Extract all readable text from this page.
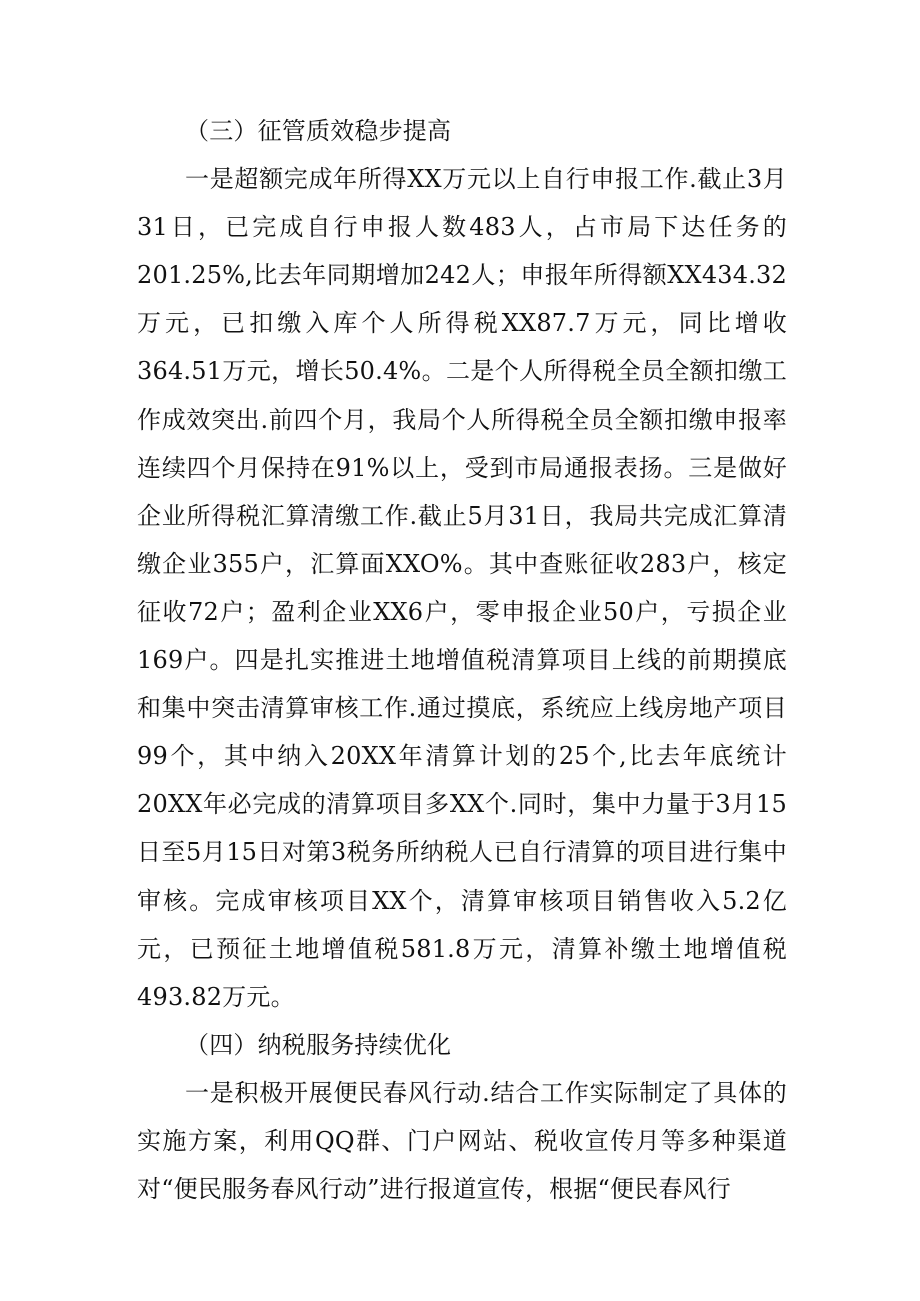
（三）征管质效稳步提高

一是超额完成年所得XX万元以上自行申报工作.截止3月31日，已完成自行申报人数483人，占市局下达任务的201.25%,比去年同期增加242人；申报年所得额XX434.32万元，已扣缴入库个人所得税XX87.7万元，同比增收364.51万元，增长50.4%。二是个人所得税全员全额扣缴工作成效突出.前四个月，我局个人所得税全员全额扣缴申报率连续四个月保持在91%以上，受到市局通报表扬。三是做好企业所得税汇算清缴工作.截止5月31日，我局共完成汇算清缴企业355户，汇算面XXO%。其中查账征收283户，核定征收72户；盈利企业XX6户，零申报企业50户，亏损企业169户。四是扎实推进土地增值税清算项目上线的前期摸底和集中突击清算审核工作.通过摸底，系统应上线房地产项目99个，其中纳入20XX年清算计划的25个,比去年底统计20XX年必完成的清算项目多XX个.同时，集中力量于3月15日至5月15日对第3税务所纳税人已自行清算的项目进行集中审核。完成审核项目XX个，清算审核项目销售收入5.2亿元，已预征土地增值税581.8万元，清算补缴土地增值税493.82万元。

（四）纳税服务持续优化

一是积极开展便民春风行动.结合工作实际制定了具体的实施方案，利用QQ群、门户网站、税收宣传月等多种渠道对“便民服务春风行动”进行报道宣传，根据“便民春风行
